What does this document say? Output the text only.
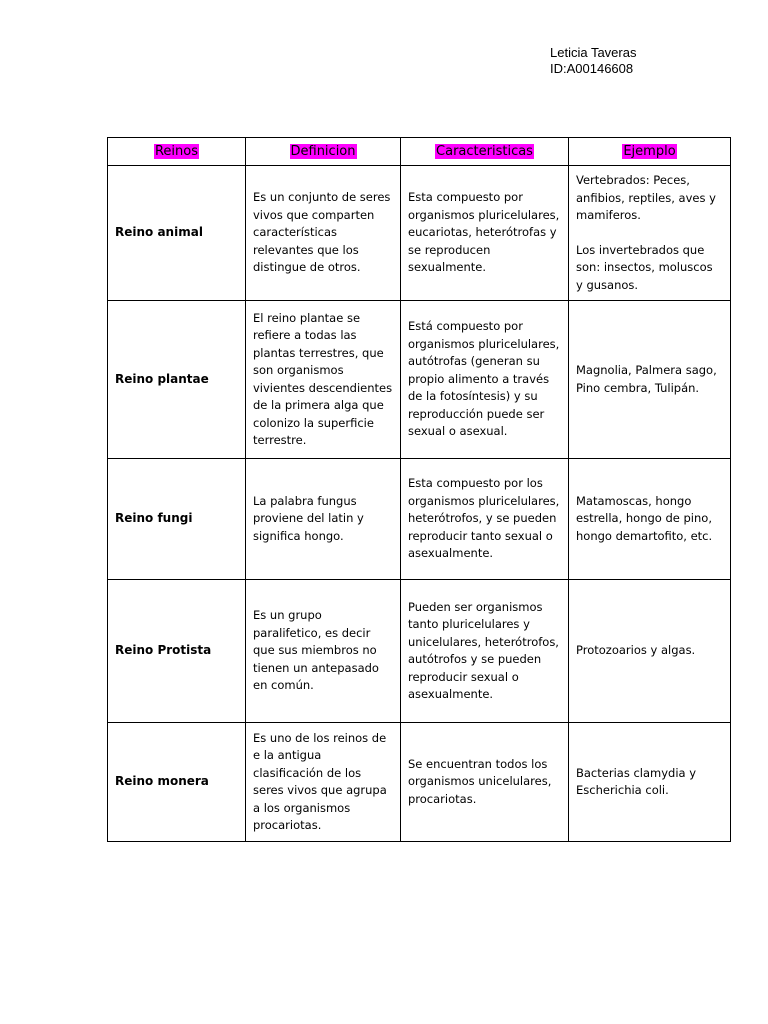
Leticia Taveras
ID:A00146608
Reinos	Definicion	Caracteristicas	Ejemplo
Reino animal	Es un conjunto de seres vivos que comparten características relevantes que los distingue de otros.	Esta compuesto por organismos pluricelulares, eucariotas, heterótrofas y se reproducen sexualmente.	Vertebrados: Peces, anfibios, reptiles, aves y mamiferos.
Los invertebrados que son: insectos, moluscos y gusanos.

Reino plantae	El reino plantae se refiere a todas las plantas terrestres, que son organismos vivientes descendientes de la primera alga que colonizo la superficie terrestre.	Está compuesto por organismos pluricelulares, autótrofas (generan su propio alimento a través de la fotosíntesis) y su reproducción puede ser sexual o asexual.	Magnolia, Palmera sago, Pino cembra, Tulipán.
Reino fungi	La palabra fungus proviene del latin y significa hongo.	Esta compuesto por los organismos pluricelulares, heterótrofos, y se pueden reproducir tanto sexual o asexualmente.	Matamoscas, hongo estrella, hongo de pino, hongo demartofito, etc.
Reino Protista	Es un grupo paralifetico, es decir que sus miembros no tienen un antepasado en común.	Pueden ser organismos tanto pluricelulares y unicelulares, heterótrofos, autótrofos y se pueden reproducir sexual o asexualmente.	Protozoarios y algas.
Reino monera	Es uno de los reinos de e la antigua clasificación de los seres vivos que agrupa a los organismos procariotas.	Se encuentran todos los organismos unicelulares, procariotas.	Bacterias clamydia y Escherichia coli.
